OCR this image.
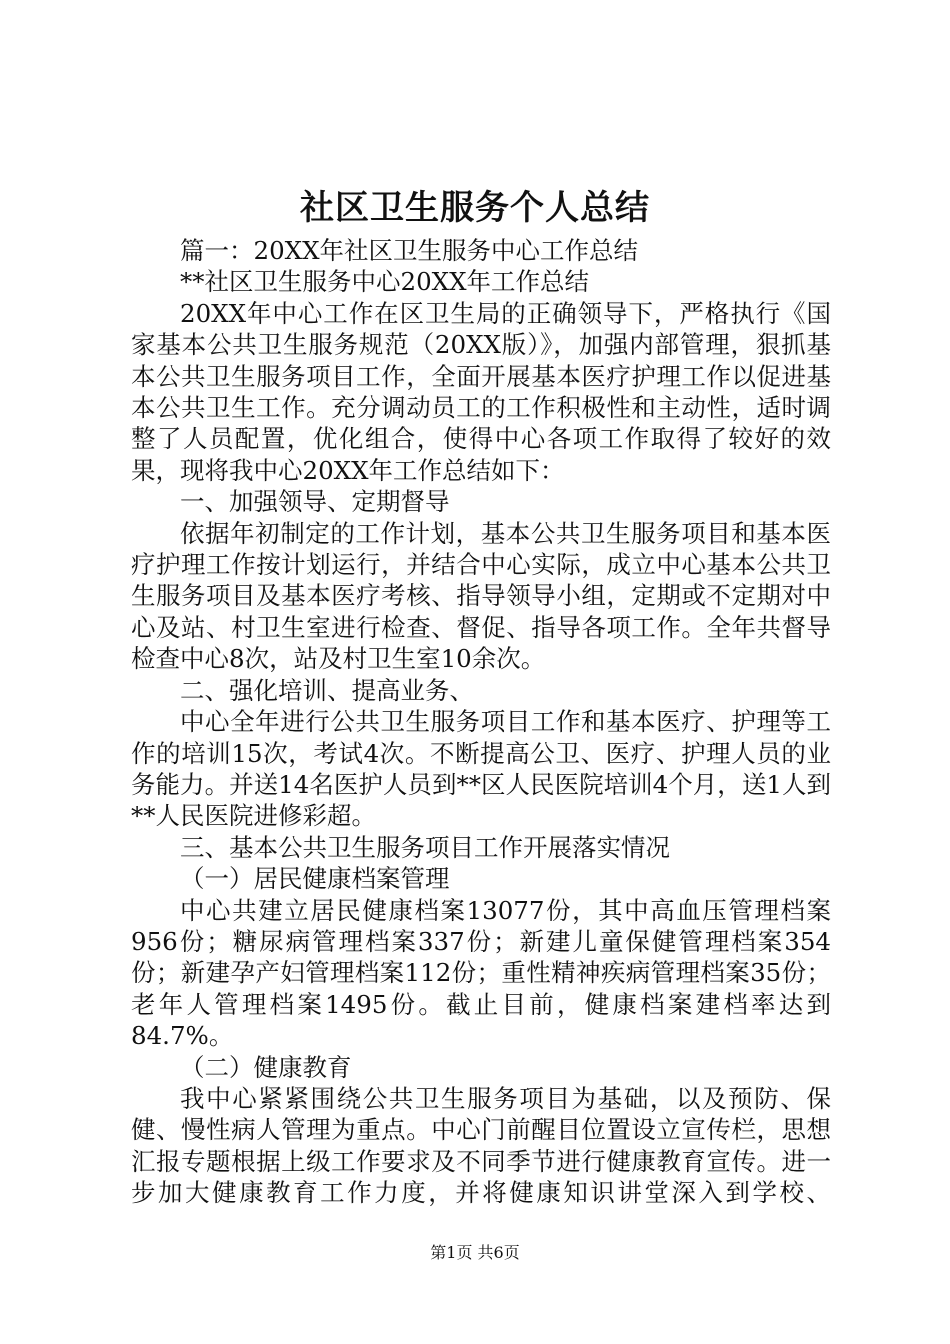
社区卫生服务个人总结

篇一：20XX年社区卫生服务中心工作总结

**社区卫生服务中心20XX年工作总结

20XX年中心工作在区卫生局的正确领导下，严格执行《国家基本公共卫生服务规范（20XX版）》，加强内部管理，狠抓基本公共卫生服务项目工作，全面开展基本医疗护理工作以促进基本公共卫生工作。充分调动员工的工作积极性和主动性，适时调整了人员配置，优化组合，使得中心各项工作取得了较好的效果，现将我中心20XX年工作总结如下：

一、加强领导、定期督导

依据年初制定的工作计划，基本公共卫生服务项目和基本医疗护理工作按计划运行，并结合中心实际，成立中心基本公共卫生服务项目及基本医疗考核、指导领导小组，定期或不定期对中心及站、村卫生室进行检查、督促、指导各项工作。全年共督导检查中心8次，站及村卫生室10余次。

二、强化培训、提高业务、

中心全年进行公共卫生服务项目工作和基本医疗、护理等工作的培训15次，考试4次。不断提高公卫、医疗、护理人员的业务能力。并送14名医护人员到**区人民医院培训4个月，送1人到**人民医院进修彩超。

三、基本公共卫生服务项目工作开展落实情况

（一）居民健康档案管理

中心共建立居民健康档案13077份，其中高血压管理档案956份；糖尿病管理档案337份；新建儿童保健管理档案354份；新建孕产妇管理档案112份；重性精神疾病管理档案35份；老年人管理档案1495份。截止目前，健康档案建档率达到84.7%。

（二）健康教育

我中心紧紧围绕公共卫生服务项目为基础，以及预防、保健、慢性病人管理为重点。中心门前醒目位置设立宣传栏，思想汇报专题根据上级工作要求及不同季节进行健康教育宣传。进一步加大健康教育工作力度，并将健康知识讲堂深入到学校、

第1页 共6页
